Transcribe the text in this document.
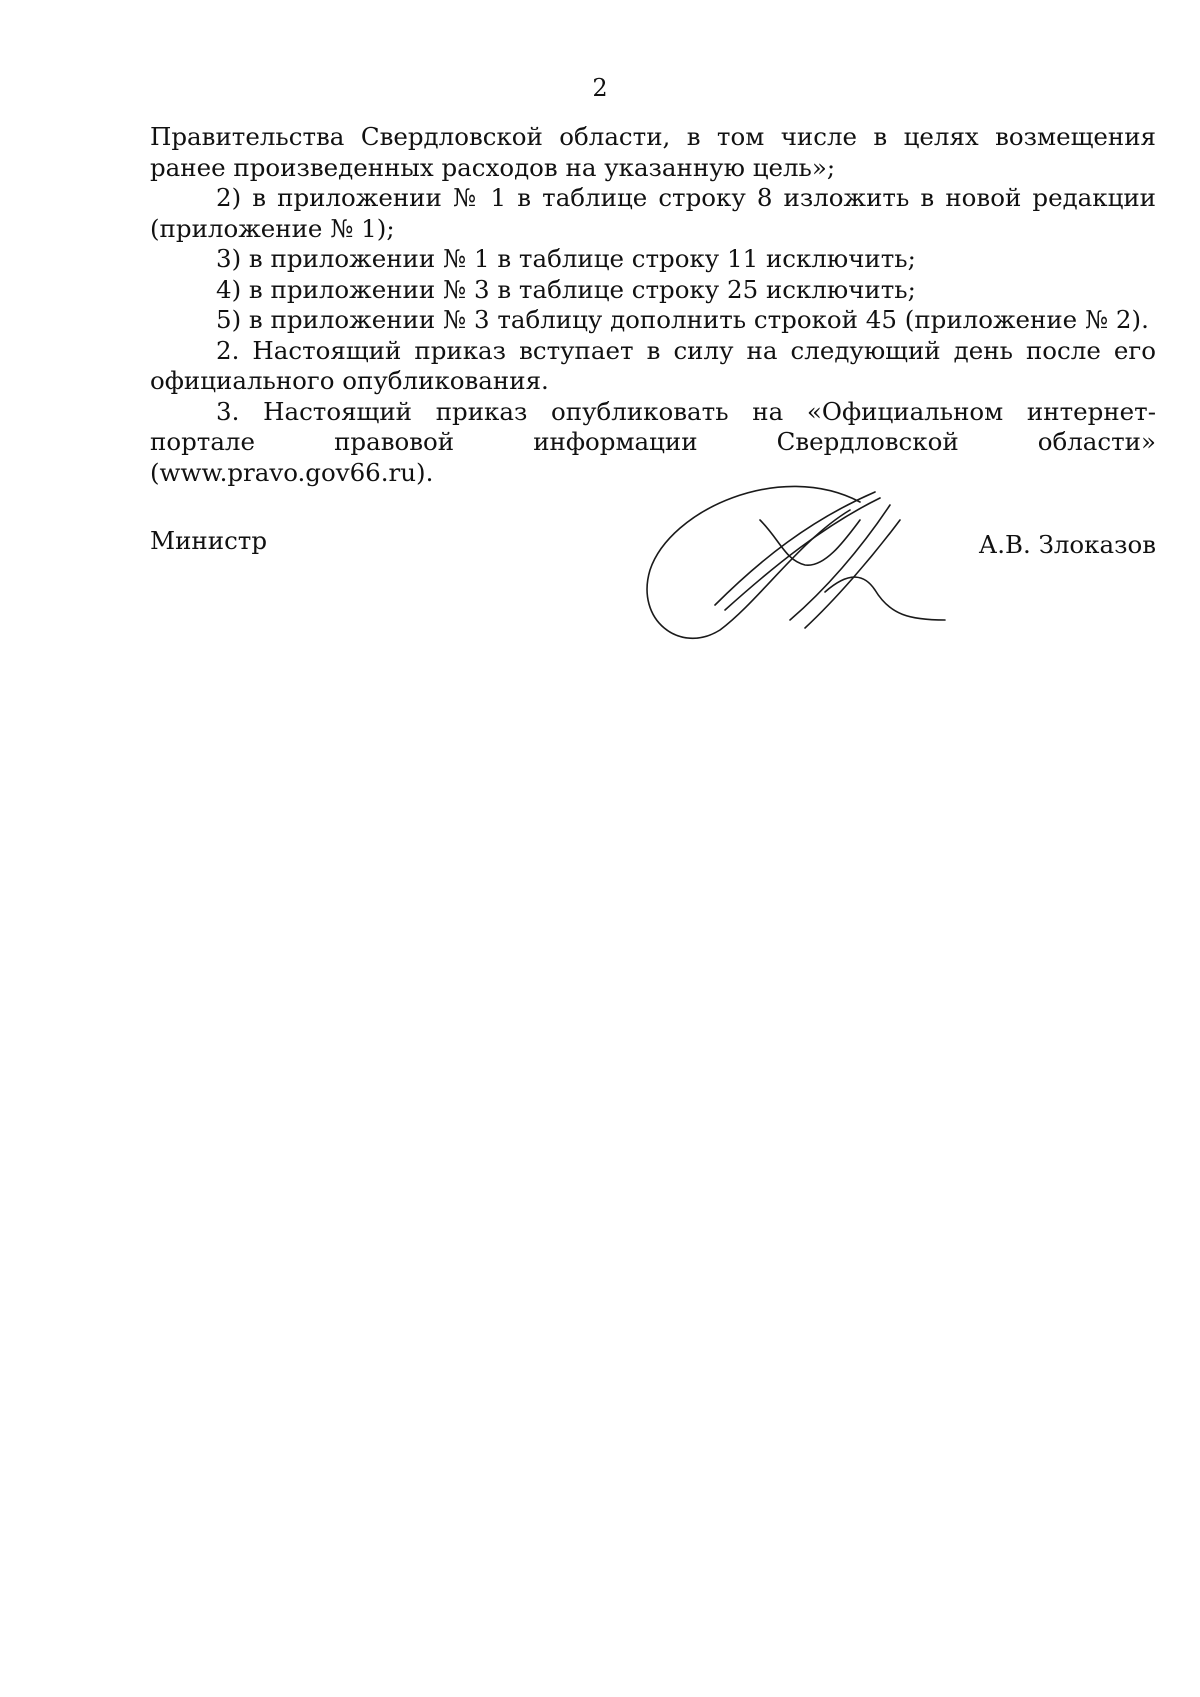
2

Правительства Свердловской области, в том числе в целях возмещения ранее произведенных расходов на указанную цель»;

2) в приложении № 1 в таблице строку 8 изложить в новой редакции (приложение № 1);

3) в приложении № 1 в таблице строку 11 исключить;

4) в приложении № 3 в таблице строку 25 исключить;

5) в приложении № 3 таблицу дополнить строкой 45 (приложение № 2).

2. Настоящий приказ вступает в силу на следующий день после его официального опубликования.

3. Настоящий приказ опубликовать на «Официальном интернет-портале правовой информации Свердловской области» (www.pravo.gov66.ru).

Министр	А.В. Злоказов
